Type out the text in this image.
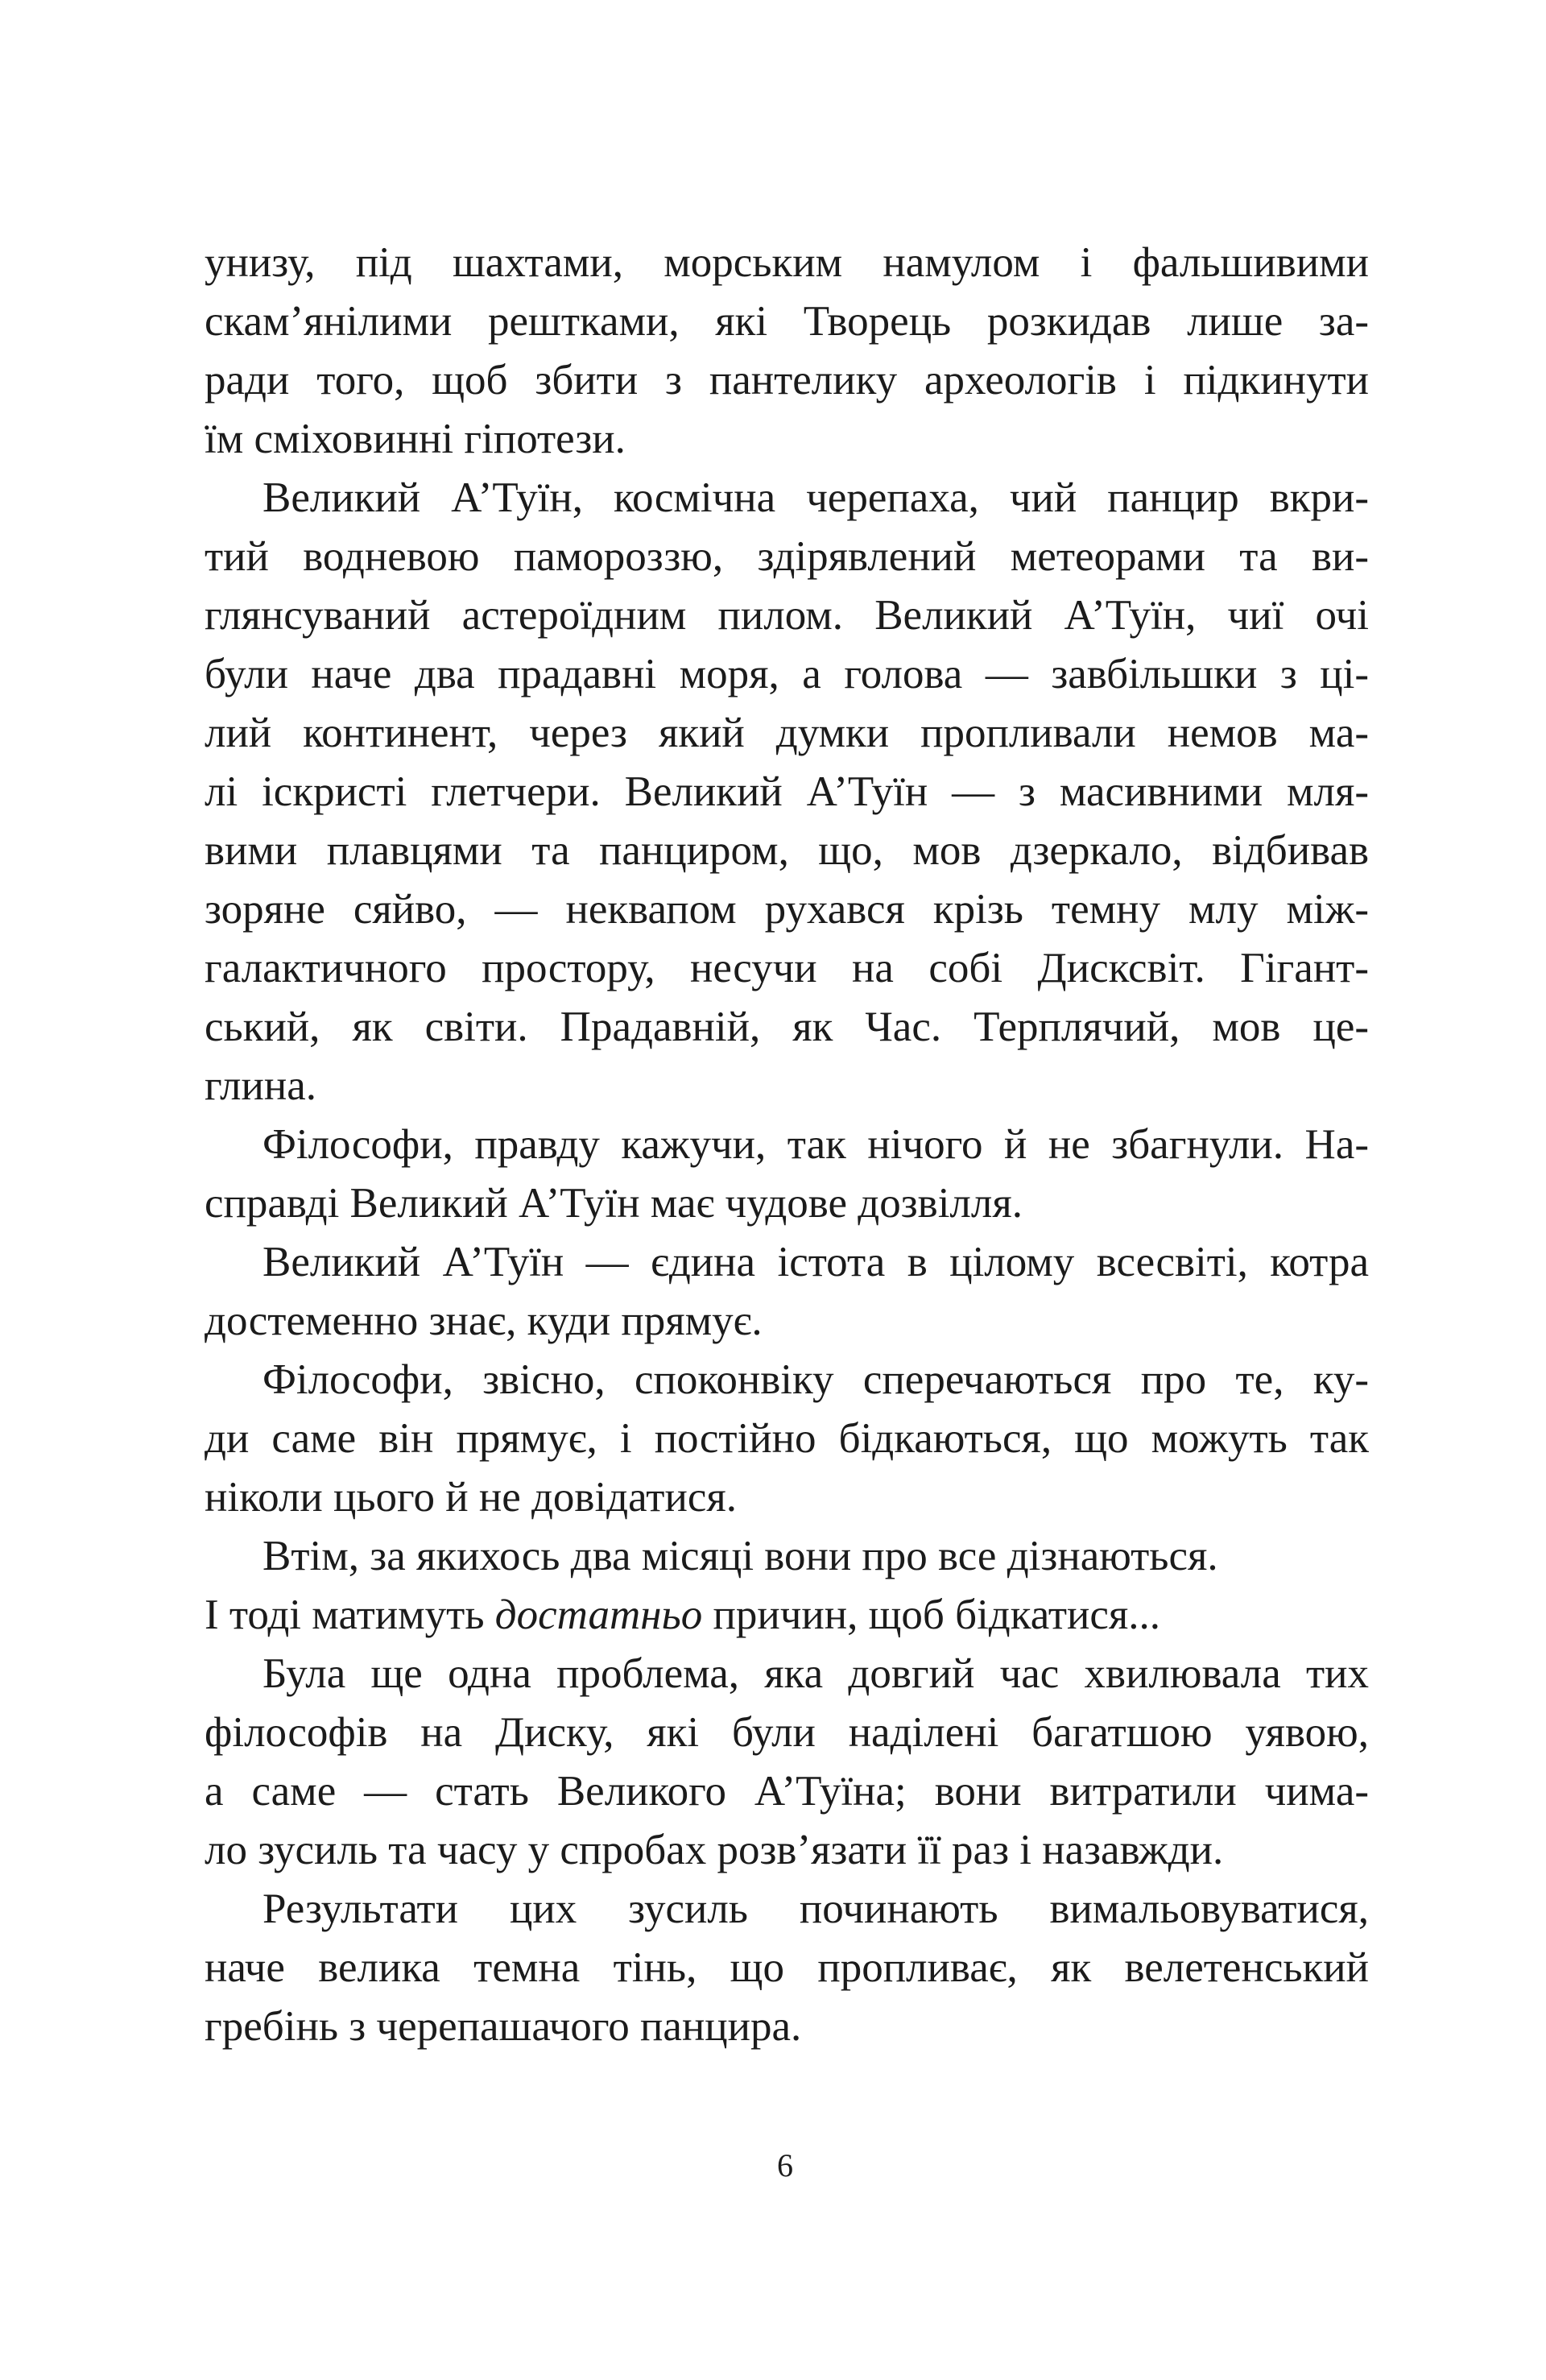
унизу, під шахтами, морським намулом і фальшивими
скам’янілими рештками, які Творець розкидав лише за-
ради того, щоб збити з пантелику археологів і підкинути
їм сміховинні гіпотези.
Великий А’Туїн, космічна черепаха, чий панцир вкри-
тий водневою памороззю, здірявлений метеорами та ви-
глянсуваний астероїдним пилом. Великий А’Туїн, чиї очі
були наче два прадавні моря, а голова — завбільшки з ці-
лий континент, через який думки пропливали немов ма-
лі іскристі глетчери. Великий А’Туїн — з масивними мля-
вими плавцями та панциром, що, мов дзеркало, відбивав
зоряне сяйво, — неквапом рухався крізь темну млу між-
галактичного простору, несучи на собі Дисксвіт. Гігант-
ський, як світи. Прадавній, як Час. Терплячий, мов це-
глина.
Філософи, правду кажучи, так нічого й не збагнули. На-
справді Великий А’Туїн має чудове дозвілля.
Великий А’Туїн — єдина істота в цілому всесвіті, котра
достеменно знає, куди прямує.
Філософи, звісно, споконвіку сперечаються про те, ку-
ди саме він прямує, і постійно бідкаються, що можуть так
ніколи цього й не довідатися.
Втім, за якихось два місяці вони про все дізнаються.
І тоді матимуть достатньо причин, щоб бідкатися...
Була ще одна проблема, яка довгий час хвилювала тих
філософів на Диску, які були наділені багатшою уявою,
а саме — стать Великого А’Туїна; вони витратили чима-
ло зусиль та часу у спробах розв’язати її раз і назавжди.
Результати цих зусиль починають вимальовуватися,
наче велика темна тінь, що пропливає, як велетенський
гребінь з черепашачого панцира.
6
